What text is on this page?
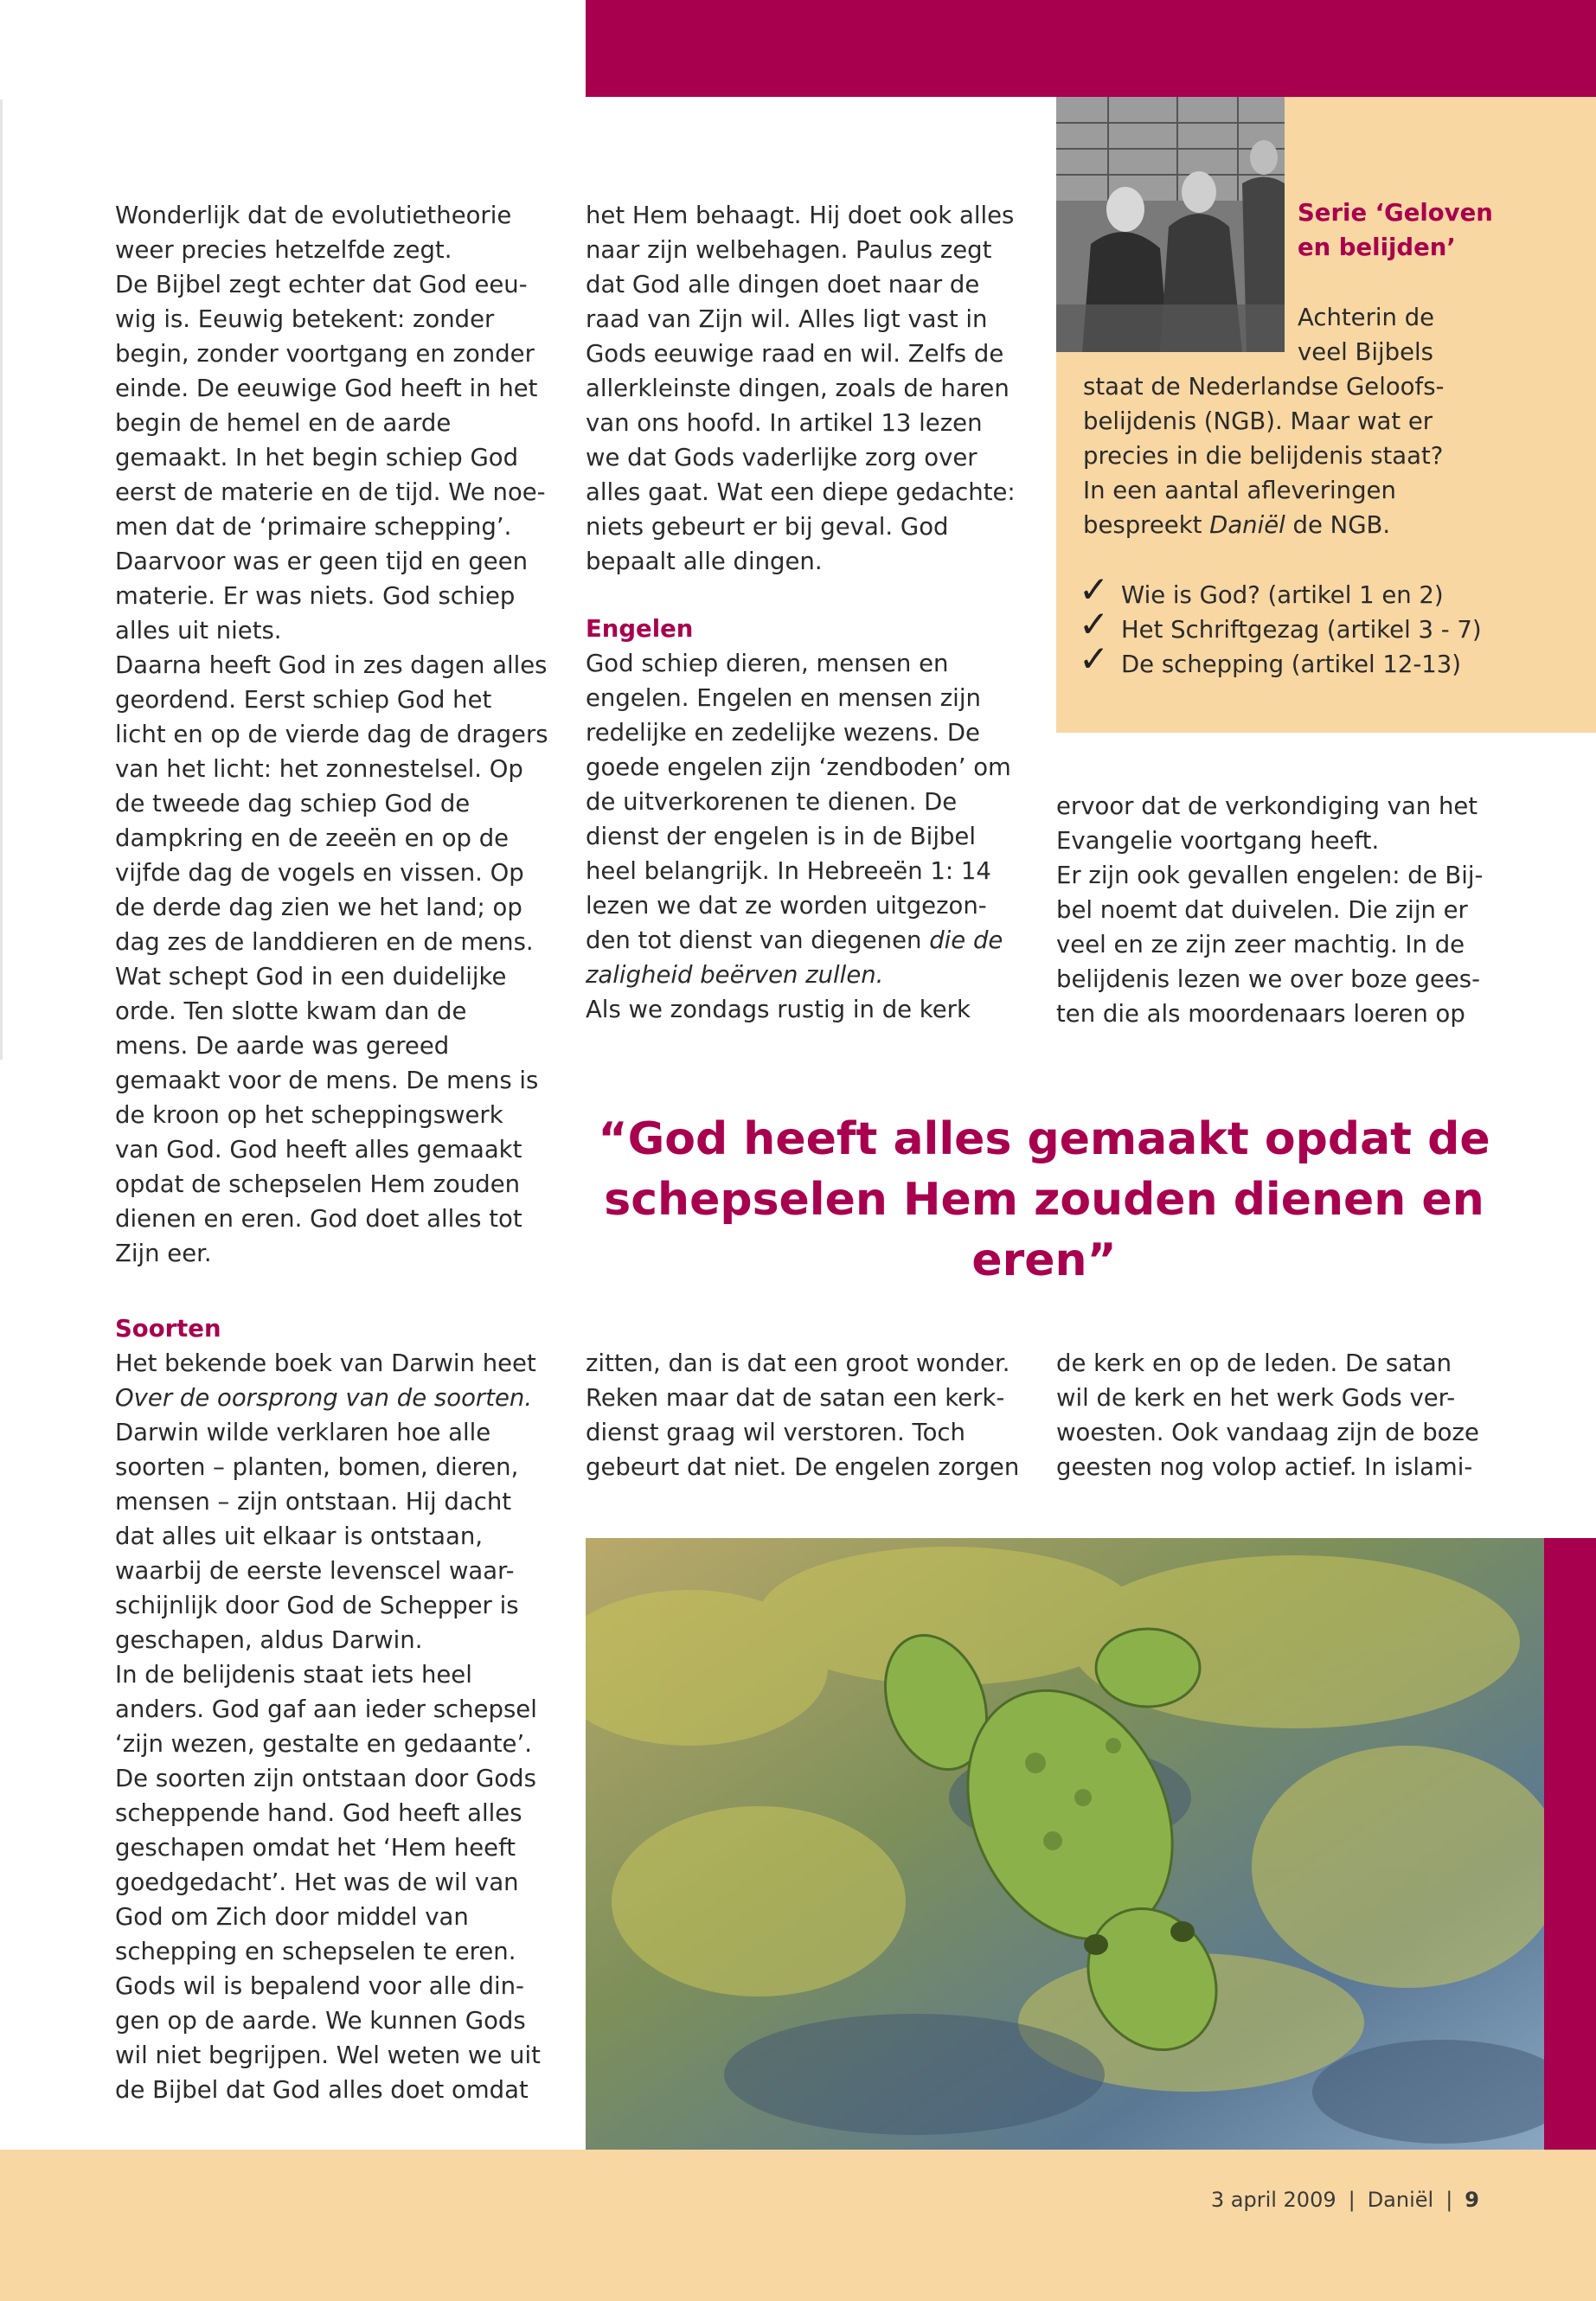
Wonderlijk dat de evolutietheorie
weer precies hetzelfde zegt.
De Bijbel zegt echter dat God eeu-
wig is. Eeuwig betekent: zonder
begin, zonder voortgang en zonder
einde. De eeuwige God heeft in het
begin de hemel en de aarde
gemaakt. In het begin schiep God
eerst de materie en de tijd. We noe-
men dat de ‘primaire schepping’.
Daarvoor was er geen tijd en geen
materie. Er was niets. God schiep
alles uit niets.
Daarna heeft God in zes dagen alles
geordend. Eerst schiep God het
licht en op de vierde dag de dragers
van het licht: het zonnestelsel. Op
de tweede dag schiep God de
dampkring en de zeeën en op de
vijfde dag de vogels en vissen. Op
de derde dag zien we het land; op
dag zes de landdieren en de mens.
Wat schept God in een duidelijke
orde. Ten slotte kwam dan de
mens. De aarde was gereed
gemaakt voor de mens. De mens is
de kroon op het scheppingswerk
van God. God heeft alles gemaakt
opdat de schepselen Hem zouden
dienen en eren. God doet alles tot
Zijn eer.

Soorten

Het bekende boek van Darwin heet
Over de oorsprong van de soorten.
Darwin wilde verklaren hoe alle
soorten – planten, bomen, dieren,
mensen – zijn ontstaan. Hij dacht
dat alles uit elkaar is ontstaan,
waarbij de eerste levenscel waar-
schijnlijk door God de Schepper is
geschapen, aldus Darwin.
In de belijdenis staat iets heel
anders. God gaf aan ieder schepsel
‘zijn wezen, gestalte en gedaante’.
De soorten zijn ontstaan door Gods
scheppende hand. God heeft alles
geschapen omdat het ‘Hem heeft
goedgedacht’. Het was de wil van
God om Zich door middel van
schepping en schepselen te eren.
Gods wil is bepalend voor alle din-
gen op de aarde. We kunnen Gods
wil niet begrijpen. Wel weten we uit
de Bijbel dat God alles doet omdat

het Hem behaagt. Hij doet ook alles
naar zijn welbehagen. Paulus zegt
dat God alle dingen doet naar de
raad van Zijn wil. Alles ligt vast in
Gods eeuwige raad en wil. Zelfs de
allerkleinste dingen, zoals de haren
van ons hoofd. In artikel 13 lezen
we dat Gods vaderlijke zorg over
alles gaat. Wat een diepe gedachte:
niets gebeurt er bij geval. God
bepaalt alle dingen.

Engelen

God schiep dieren, mensen en
engelen. Engelen en mensen zijn
redelijke en zedelijke wezens. De
goede engelen zijn ‘zendboden’ om
de uitverkorenen te dienen. De
dienst der engelen is in de Bijbel
heel belangrijk. In Hebreeën 1: 14
lezen we dat ze worden uitgezon-
den tot dienst van diegenen die de
zaligheid beërven zullen.
Als we zondags rustig in de kerk

zitten, dan is dat een groot wonder.
Reken maar dat de satan een kerk-
dienst graag wil verstoren. Toch
gebeurt dat niet. De engelen zorgen

Serie ‘Geloven
en belijden’

Achterin de
veel Bijbels

staat de Nederlandse Geloofs-
belijdenis (NGB). Maar wat er
precies in die belijdenis staat?
In een aantal afleveringen
bespreekt Daniël de NGB.

✓ Wie is God? (artikel 1 en 2)
✓ Het Schriftgezag (artikel 3 - 7)
✓ De schepping (artikel 12-13)

ervoor dat de verkondiging van het
Evangelie voortgang heeft.
Er zijn ook gevallen engelen: de Bij-
bel noemt dat duivelen. Die zijn er
veel en ze zijn zeer machtig. In de
belijdenis lezen we over boze gees-
ten die als moordenaars loeren op

de kerk en op de leden. De satan
wil de kerk en het werk Gods ver-
woesten. Ook vandaag zijn de boze
geesten nog volop actief. In islami-

“God heeft alles gemaakt opdat de
schepselen Hem zouden dienen en eren”

3 april 2009 | Daniël | 9
